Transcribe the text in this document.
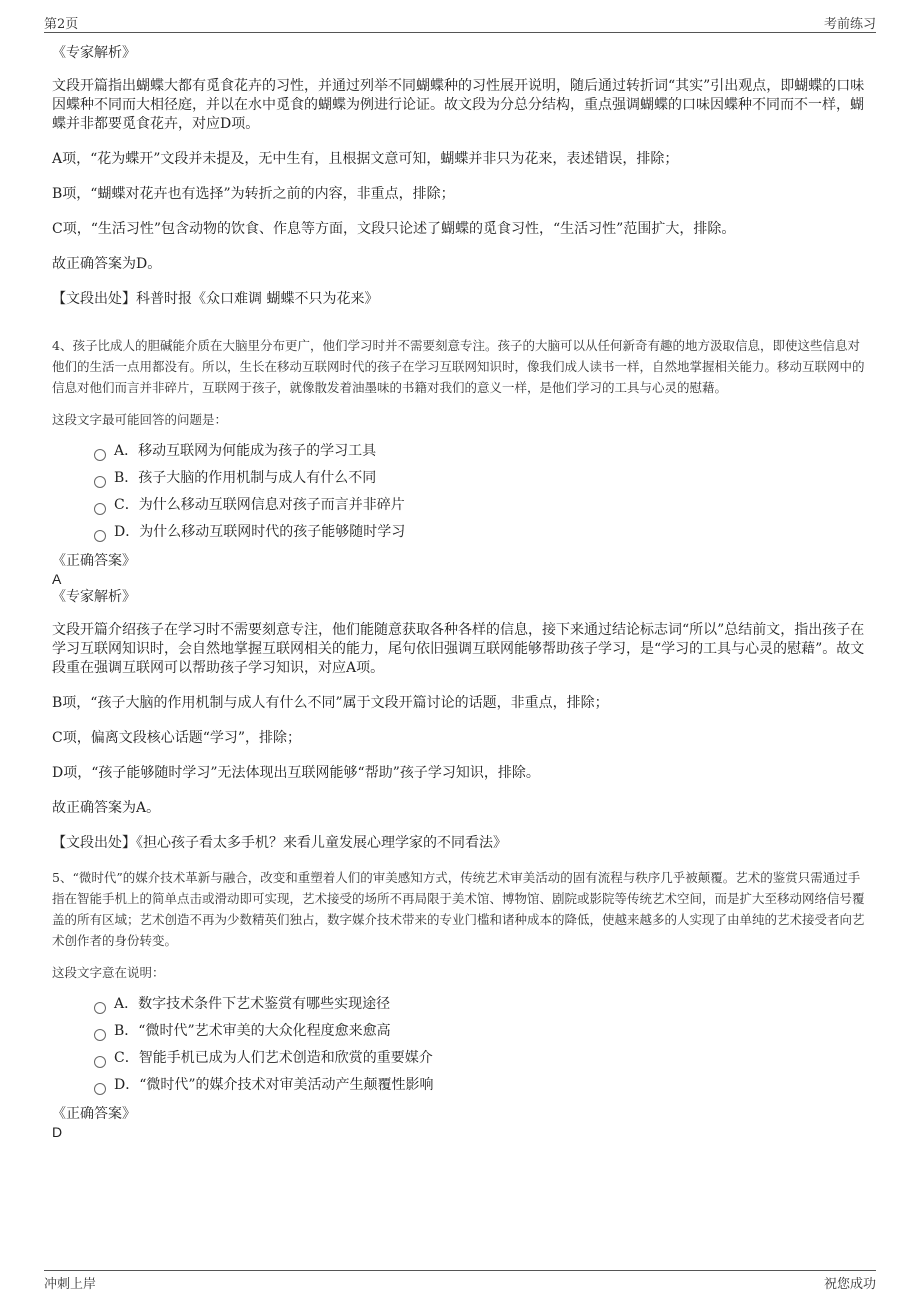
第2页	考前练习

《专家解析》

文段开篇指出蝴蝶大都有觅食花卉的习性，并通过列举不同蝴蝶种的习性展开说明，随后通过转折词“其实”引出观点，即蝴蝶的口味因蝶种不同而大相径庭，并以在水中觅食的蝴蝶为例进行论证。故文段为分总分结构，重点强调蝴蝶的口味因蝶种不同而不一样，蝴蝶并非都要觅食花卉，对应D项。

A项，“花为蝶开”文段并未提及，无中生有，且根据文意可知，蝴蝶并非只为花来，表述错误，排除；

B项，“蝴蝶对花卉也有选择”为转折之前的内容，非重点，排除；

C项，“生活习性”包含动物的饮食、作息等方面，文段只论述了蝴蝶的觅食习性，“生活习性”范围扩大，排除。

故正确答案为D。

【文段出处】科普时报《众口难调 蝴蝶不只为花来》

4、孩子比成人的胆碱能介质在大脑里分布更广，他们学习时并不需要刻意专注。孩子的大脑可以从任何新奇有趣的地方汲取信息，即使这些信息对他们的生活一点用都没有。所以，生长在移动互联网时代的孩子在学习互联网知识时，像我们成人读书一样，自然地掌握相关能力。移动互联网中的信息对他们而言并非碎片，互联网于孩子，就像散发着油墨味的书籍对我们的意义一样，是他们学习的工具与心灵的慰藉。

这段文字最可能回答的问题是：

A．移动互联网为何能成为孩子的学习工具
B．孩子大脑的作用机制与成人有什么不同
C．为什么移动互联网信息对孩子而言并非碎片
D．为什么移动互联网时代的孩子能够随时学习

《正确答案》

A

《专家解析》

文段开篇介绍孩子在学习时不需要刻意专注，他们能随意获取各种各样的信息，接下来通过结论标志词“所以”总结前文，指出孩子在学习互联网知识时，会自然地掌握互联网相关的能力，尾句依旧强调互联网能够帮助孩子学习，是“学习的工具与心灵的慰藉”。故文段重在强调互联网可以帮助孩子学习知识，对应A项。

B项，“孩子大脑的作用机制与成人有什么不同”属于文段开篇讨论的话题，非重点，排除；

C项，偏离文段核心话题“学习”，排除；

D项，“孩子能够随时学习”无法体现出互联网能够“帮助”孩子学习知识，排除。

故正确答案为A。

【文段出处】《担心孩子看太多手机？来看儿童发展心理学家的不同看法》

5、“微时代”的媒介技术革新与融合，改变和重塑着人们的审美感知方式，传统艺术审美活动的固有流程与秩序几乎被颠覆。艺术的鉴赏只需通过手指在智能手机上的简单点击或滑动即可实现，艺术接受的场所不再局限于美术馆、博物馆、剧院或影院等传统艺术空间，而是扩大至移动网络信号覆盖的所有区域；艺术创造不再为少数精英们独占，数字媒介技术带来的专业门槛和诸种成本的降低，使越来越多的人实现了由单纯的艺术接受者向艺术创作者的身份转变。

这段文字意在说明：

A．数字技术条件下艺术鉴赏有哪些实现途径
B．“微时代”艺术审美的大众化程度愈来愈高
C．智能手机已成为人们艺术创造和欣赏的重要媒介
D．“微时代”的媒介技术对审美活动产生颠覆性影响

《正确答案》

D

冲刺上岸	祝您成功
